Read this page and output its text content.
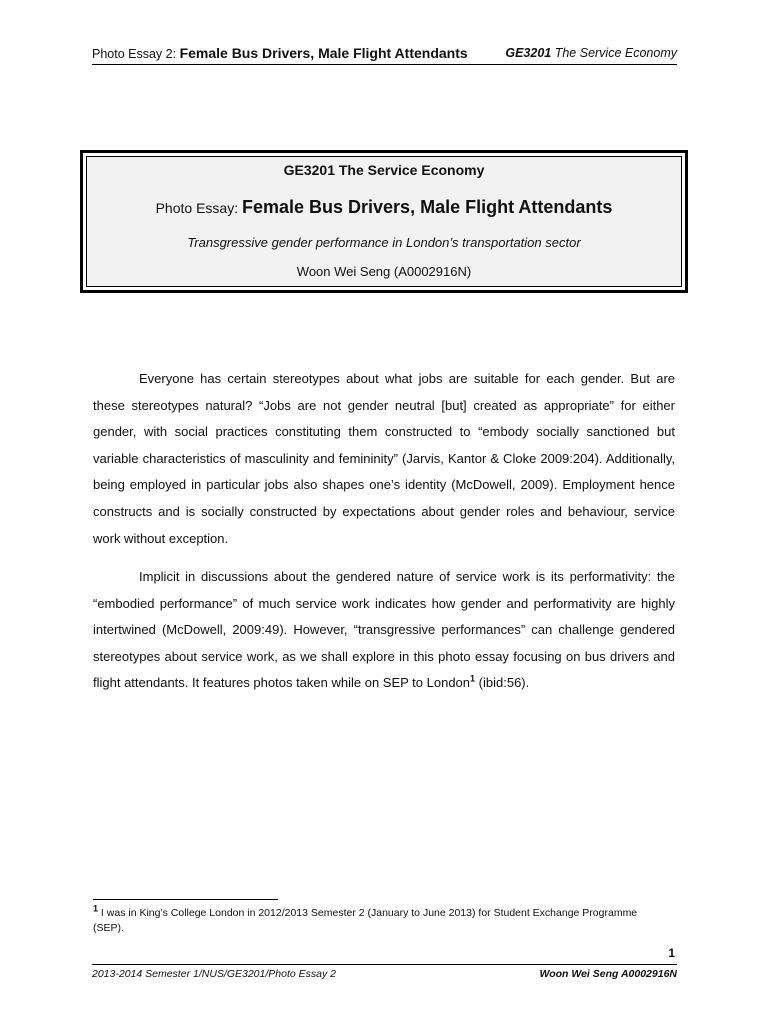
Photo Essay 2: Female Bus Drivers, Male Flight Attendants	GE3201 The Service Economy
GE3201 The Service Economy
Photo Essay: Female Bus Drivers, Male Flight Attendants
Transgressive gender performance in London’s transportation sector
Woon Wei Seng (A0002916N)

Everyone has certain stereotypes about what jobs are suitable for each gender. But are these stereotypes natural? “Jobs are not gender neutral [but] created as appropriate” for either gender, with social practices constituting them constructed to “embody socially sanctioned but variable characteristics of masculinity and femininity” (Jarvis, Kantor & Cloke 2009:204). Additionally, being employed in particular jobs also shapes one’s identity (McDowell, 2009). Employment hence constructs and is socially constructed by expectations about gender roles and behaviour, service work without exception.

Implicit in discussions about the gendered nature of service work is its performativity: the “embodied performance” of much service work indicates how gender and performativity are highly intertwined (McDowell, 2009:49). However, “transgressive performances” can challenge gendered stereotypes about service work, as we shall explore in this photo essay focusing on bus drivers and flight attendants. It features photos taken while on SEP to London$^1$ (ibid:56).

$^1$ I was in King’s College London in 2012/2013 Semester 2 (January to June 2013) for Student Exchange Programme (SEP).
1
2013-2014 Semester 1/NUS/GE3201/Photo Essay 2	Woon Wei Seng A0002916N
